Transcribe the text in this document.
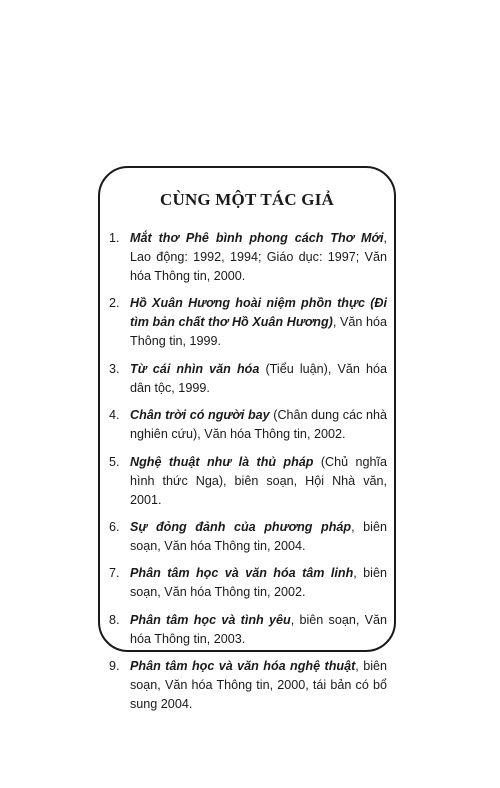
CÙNG MỘT TÁC GIẢ
1. Mắt thơ Phê bình phong cách Thơ Mới, Lao động: 1992, 1994; Giáo dục: 1997; Văn hóa Thông tin, 2000.
2. Hồ Xuân Hương hoài niệm phồn thực (Đi tìm bản chất thơ Hồ Xuân Hương), Văn hóa Thông tin, 1999.
3. Từ cái nhìn văn hóa (Tiểu luận), Văn hóa dân tộc, 1999.
4. Chân trời có người bay (Chân dung các nhà nghiên cứu), Văn hóa Thông tin, 2002.
5. Nghệ thuật như là thủ pháp (Chủ nghĩa hình thức Nga), biên soạn, Hội Nhà văn, 2001.
6. Sự đỏng đảnh của phương pháp, biên soạn, Văn hóa Thông tin, 2004.
7. Phân tâm học và văn hóa tâm linh, biên soạn, Văn hóa Thông tin, 2002.
8. Phân tâm học và tình yêu, biên soạn, Văn hóa Thông tin, 2003.
9. Phân tâm học và văn hóa nghệ thuật, biên soạn, Văn hóa Thông tin, 2000, tái bản có bổ sung 2004.
